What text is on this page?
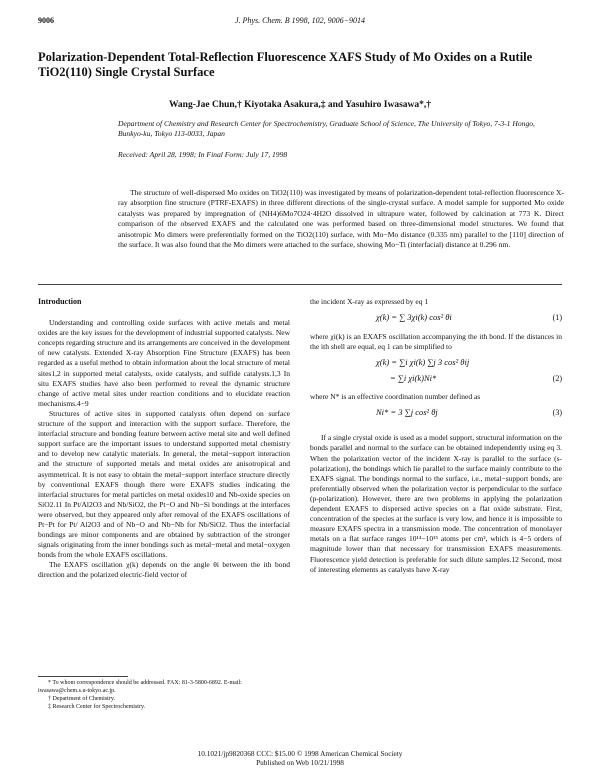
9006	J. Phys. Chem. B 1998, 102, 9006−9014
Polarization-Dependent Total-Reflection Fluorescence XAFS Study of Mo Oxides on a Rutile TiO2(110) Single Crystal Surface
Wang-Jae Chun,† Kiyotaka Asakura,‡ and Yasuhiro Iwasawa*,†
Department of Chemistry and Research Center for Spectrochemistry, Graduate School of Science, The University of Tokyo, 7-3-1 Hongo, Bunkyo-ku, Tokyo 113-0033, Japan
Received: April 28, 1998; In Final Form: July 17, 1998

The structure of well-dispersed Mo oxides on TiO2(110) was investigated by means of polarization-dependent total-reflection fluorescence X-ray absorption fine structure (PTRF-EXAFS) in three different directions of the single-crystal surface. A model sample for supported Mo oxide catalysts was prepared by impregnation of (NH4)6Mo7O24·4H2O dissolved in ultrapure water, followed by calcination at 773 K. Direct comparison of the observed EXAFS and the calculated one was performed based on three-dimensional model structures. We found that anisotropic Mo dimers were preferentially formed on the TiO2(110) surface, with Mo−Mo distance (0.335 nm) parallel to the [110] direction of the surface. It was also found that the Mo dimers were attached to the surface, showing Mo−Ti (interfacial) distance at 0.296 nm.

Introduction

Understanding and controlling oxide surfaces with active metals and metal oxides are the key issues for the development of industrial supported catalysts. New concepts regarding structure and its arrangements are conceived in the development of new catalysts. Extended X-ray Absorption Fine Structure (EXAFS) has been regarded as a useful method to obtain information about the local structure of metal sites1,2 in supported metal catalysts, oxide catalysts, and sulfide catalysts.1,3 In situ EXAFS studies have also been performed to reveal the dynamic structure change of active metal sites under reaction conditions and to elucidate reaction mechanisms.4−9

Structures of active sites in supported catalysts often depend on surface structure of the support and interaction with the support surface. Therefore, the interfacial structure and bonding feature between active metal site and well defined support surface are the important issues to understand supported metal chemistry and to develop new catalytic materials. In general, the metal−support interaction and the structure of supported metals and metal oxides are anisotropical and asymmetrical. It is not easy to obtain the metal−support interface structure directly by conventional EXAFS though there were EXAFS studies indicating the interfacial structures for metal particles on metal oxides10 and Nb-oxide species on SiO2.11 In Pt/Al2O3 and Nb/SiO2, the Pt−O and Nb−Si bondings at the interfaces were observed, but they appeared only after removal of the EXAFS oscillations of Pt−Pt for Pt/ Al2O3 and of Nb−O and Nb−Nb for Nb/SiO2. Thus the interfacial bondings are minor components and are obtained by subtraction of the stronger signals originating from the inner bondings such as metal−metal and metal−oxygen bonds from the whole EXAFS oscillations.

The EXAFS oscillation χ(k) depends on the angle θi between the ith bond direction and the polarized electric-field vector of

* To whom correspondence should be addressed. FAX: 81-3-5800-6892. E-mail: iwasawa@chem.s.u-tokyo.ac.jp.
† Department of Chemistry.
‡ Research Center for Spectrochemistry.

the incident X-ray as expressed by eq 1

χ(k) = ∑ 3χi(k) cos² θi	(1)

where χi(k) is an EXAFS oscillation accompanying the ith bond. If the distances in the ith shell are equal, eq 1 can be simplified to

χ(k) = ∑i χi(k) ∑j 3 cos² θij
= ∑i χi(k)Ni*	(2)

where N* is an effective coordination number defined as

Ni* = 3 ∑j cos² θj	(3)

If a single crystal oxide is used as a model support, structural information on the bonds parallel and normal to the surface can be obtained independently using eq 3. When the polarization vector of the incident X-ray is parallel to the surface (s-polarization), the bondings which lie parallel to the surface mainly contribute to the EXAFS signal. The bondings normal to the surface, i.e., metal−support bonds, are preferentially observed when the polarization vector is perpendicular to the surface (p-polarization). However, there are two problems in applying the polarization dependent EXAFS to dispersed active species on a flat oxide substrate. First, concentration of the species at the surface is very low, and hence it is impossible to measure EXAFS spectra in a transmission mode. The concentration of monolayer metals on a flat surface ranges 10¹⁴−10¹⁵ atoms per cm², which is 4−5 orders of magnitude lower than that necessary for transmission EXAFS measurements. Fluorescence yield detection is preferable for such dilute samples.12 Second, most of interesting elements as catalysts have X-ray

10.1021/jp9820368 CCC: $15.00 © 1998 American Chemical Society
Published on Web 10/21/1998
